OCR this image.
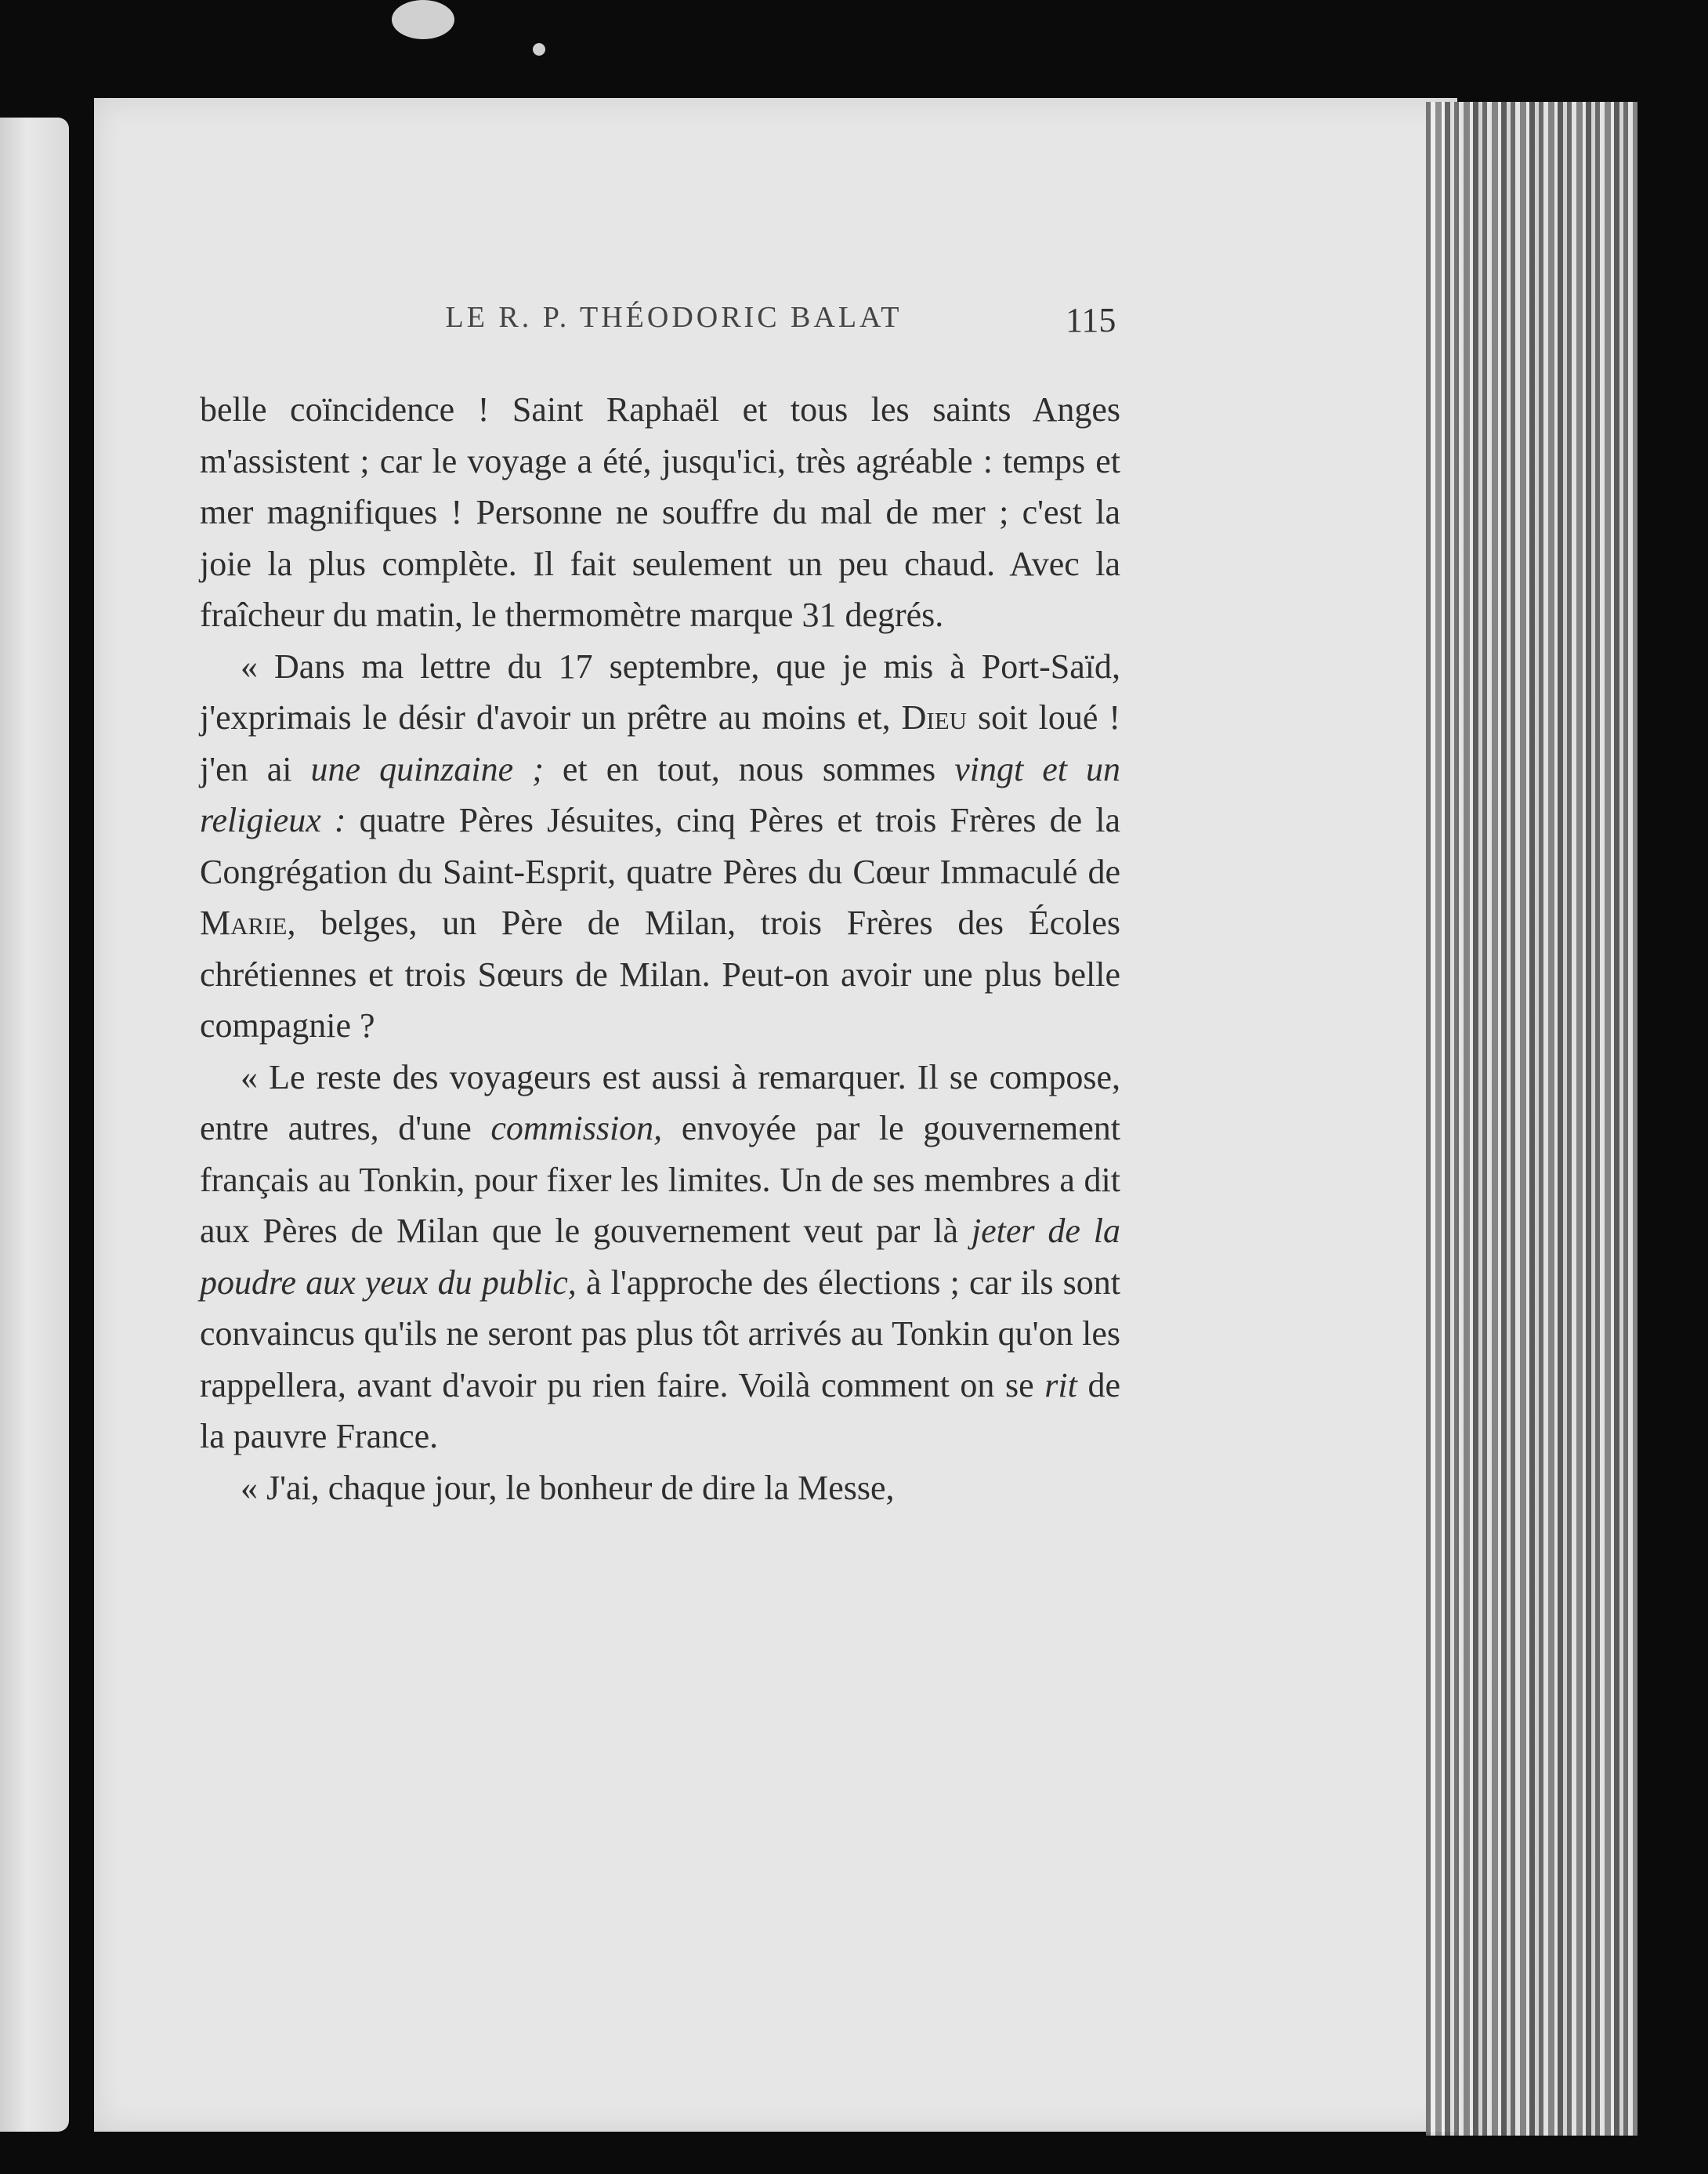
LE R. P. THÉODORIC BALAT	115

belle coïncidence ! Saint Raphaël et tous les saints Anges m'assistent ; car le voyage a été, jusqu'ici, très agréable : temps et mer magnifiques ! Personne ne souffre du mal de mer ; c'est la joie la plus complète. Il fait seulement un peu chaud. Avec la fraîcheur du matin, le thermomètre marque 31 degrés.

« Dans ma lettre du 17 septembre, que je mis à Port-Saïd, j'exprimais le désir d'avoir un prêtre au moins et, Dieu soit loué ! j'en ai une quinzaine ; et en tout, nous sommes vingt et un religieux : quatre Pères Jésuites, cinq Pères et trois Frères de la Congrégation du Saint-Esprit, quatre Pères du Cœur Immaculé de Marie, belges, un Père de Milan, trois Frères des Écoles chrétiennes et trois Sœurs de Milan. Peut-on avoir une plus belle compagnie ?

« Le reste des voyageurs est aussi à remarquer. Il se compose, entre autres, d'une commission, envoyée par le gouvernement français au Tonkin, pour fixer les limites. Un de ses membres a dit aux Pères de Milan que le gouvernement veut par là jeter de la poudre aux yeux du public, à l'approche des élections ; car ils sont convaincus qu'ils ne seront pas plus tôt arrivés au Tonkin qu'on les rappellera, avant d'avoir pu rien faire. Voilà comment on se rit de la pauvre France.

« J'ai, chaque jour, le bonheur de dire la Messe,
